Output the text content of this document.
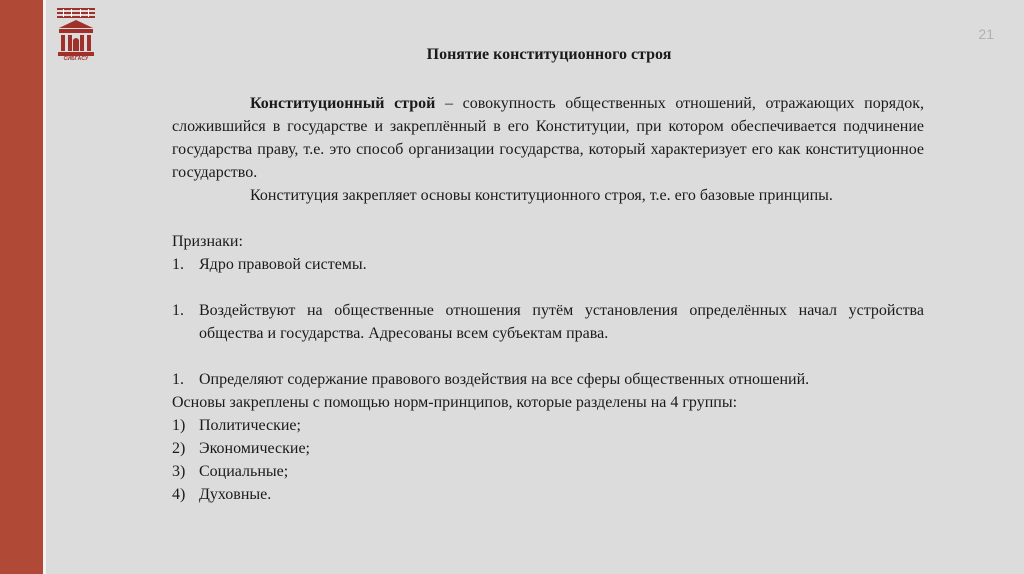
СИБГАСУ
21
Понятие конституционного строя

Конституционный строй – совокупность общественных отношений, отражающих порядок, сложившийся в государстве и закреплённый в его Конституции, при котором обеспечивается подчинение государства праву, т.е. это способ организации государства, который характеризует его как конституционное государство.

Конституция закрепляет основы конституционного строя, т.е. его базовые принципы.

Признаки:

1. Ядро правовой системы.

1. Воздействуют на общественные отношения путём установления определённых начал устройства общества и государства. Адресованы всем субъектам права.

1. Определяют содержание правового воздействия на все сферы общественных отношений.

Основы закреплены с помощью норм-принципов, которые разделены на 4 группы:

1) Политические;

2) Экономические;

3) Социальные;

4) Духовные.
